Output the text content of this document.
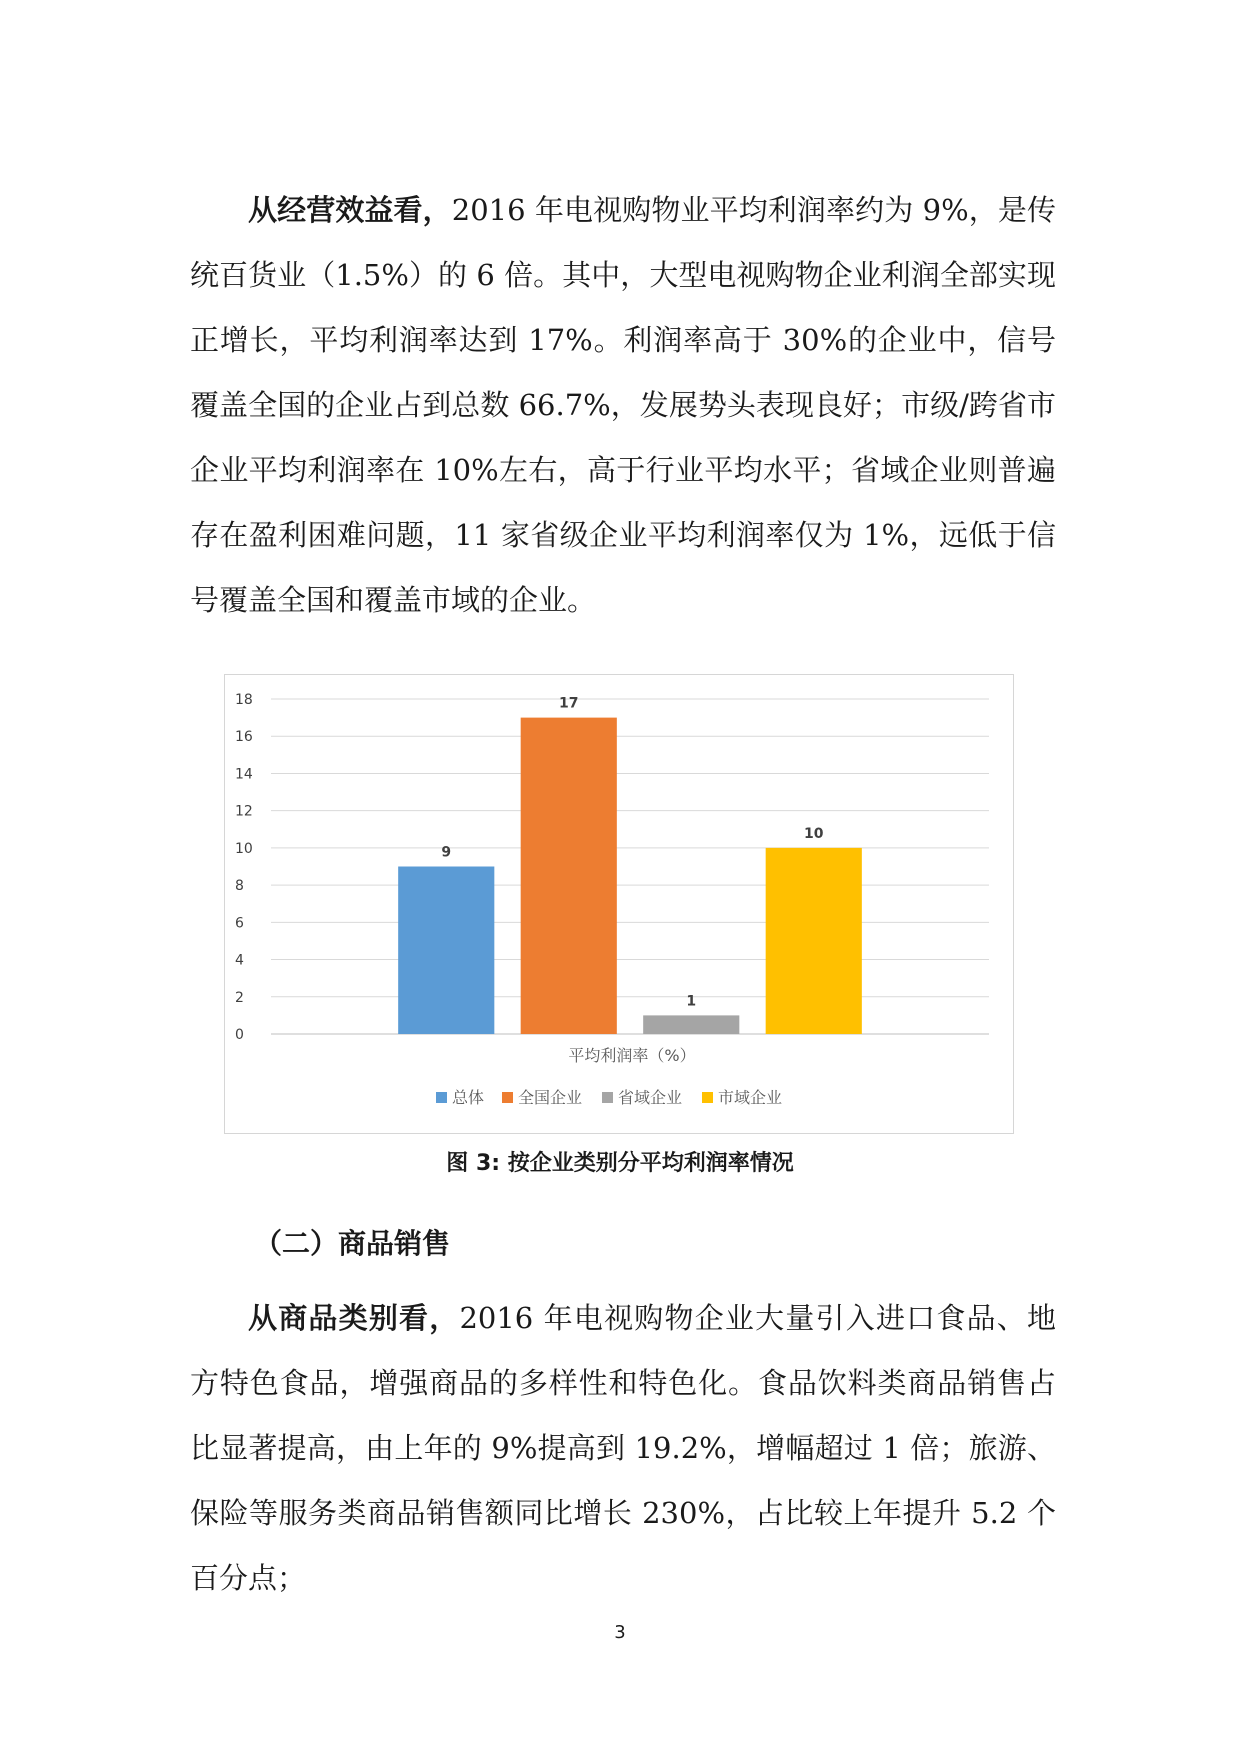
从经营效益看，2016 年电视购物业平均利润率约为 9%，是传统百货业（1.5%）的 6 倍。其中，大型电视购物企业利润全部实现正增长，平均利润率达到 17%。利润率高于 30%的企业中，信号覆盖全国的企业占到总数 66.7%，发展势头表现良好；市级/跨省市企业平均利润率在 10%左右，高于行业平均水平；省域企业则普遍存在盈利困难问题，11 家省级企业平均利润率仅为 1%，远低于信号覆盖全国和覆盖市域的企业。

0
2
4
6
8
10
12
14
16
18
9
17
1
10
平均利润率（%）
总体 全国企业 省域企业 市域企业
图 3: 按企业类别分平均利润率情况
（二）商品销售

从商品类别看，2016 年电视购物企业大量引入进口食品、地方特色食品，增强商品的多样性和特色化。食品饮料类商品销售占比显著提高，由上年的 9%提高到 19.2%，增幅超过 1 倍；旅游、保险等服务类商品销售额同比增长 230%，占比较上年提升 5.2 个百分点；

3
